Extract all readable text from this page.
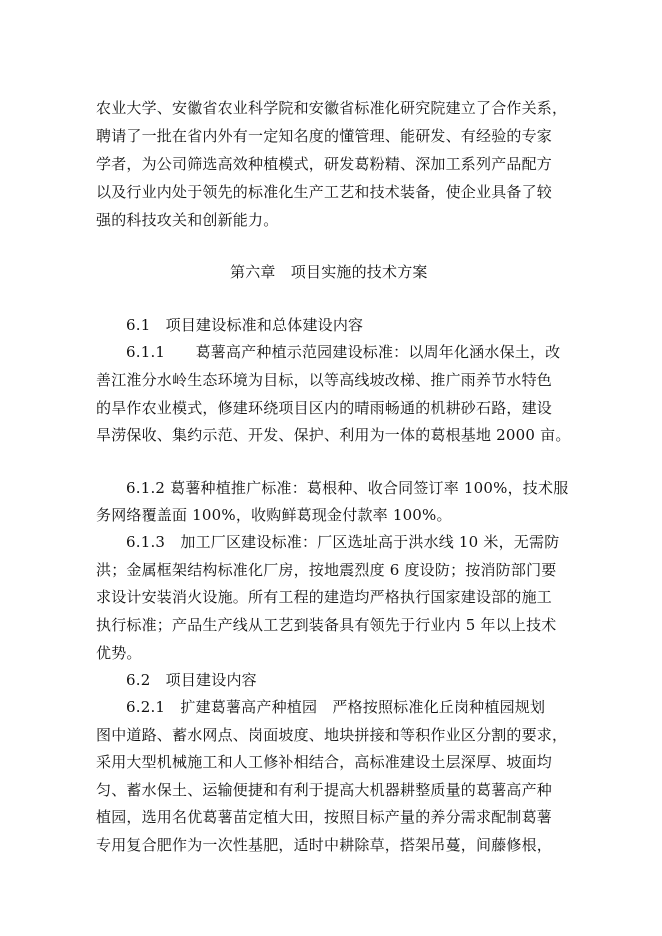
农业大学、安徽省农业科学院和安徽省标准化研究院建立了合作关系，
聘请了一批在省内外有一定知名度的懂管理、能研发、有经验的专家
学者，为公司筛选高效种植模式，研发葛粉精、深加工系列产品配方
以及行业内处于领先的标准化生产工艺和技术装备，使企业具备了较
强的科技攻关和创新能力。
第六章　项目实施的技术方案
6.1　项目建设标准和总体建设内容
6.1.1　　葛薯高产种植示范园建设标准：以周年化涵水保土，改
善江淮分水岭生态环境为目标，以等高线坡改梯、推广雨养节水特色
的旱作农业模式，修建环绕项目区内的晴雨畅通的机耕砂石路，建设
旱涝保收、集约示范、开发、保护、利用为一体的葛根基地 2000 亩。
6.1.2 葛薯种植推广标准：葛根种、收合同签订率 100%，技术服
务网络覆盖面 100%，收购鲜葛现金付款率 100%。
6.1.3　加工厂区建设标准：厂区选址高于洪水线 10 米，无需防
洪；金属框架结构标准化厂房，按地震烈度 6 度设防；按消防部门要
求设计安装消火设施。所有工程的建造均严格执行国家建设部的施工
执行标准；产品生产线从工艺到装备具有领先于行业内 5 年以上技术
优势。
6.2　项目建设内容
6.2.1　扩建葛薯高产种植园　严格按照标准化丘岗种植园规划
图中道路、蓄水网点、岗面坡度、地块拼接和等积作业区分割的要求，
采用大型机械施工和人工修补相结合，高标准建设土层深厚、坡面均
匀、蓄水保土、运输便捷和有利于提高大机器耕整质量的葛薯高产种
植园，选用名优葛薯苗定植大田，按照目标产量的养分需求配制葛薯
专用复合肥作为一次性基肥，适时中耕除草，搭架吊蔓，间藤修根，
